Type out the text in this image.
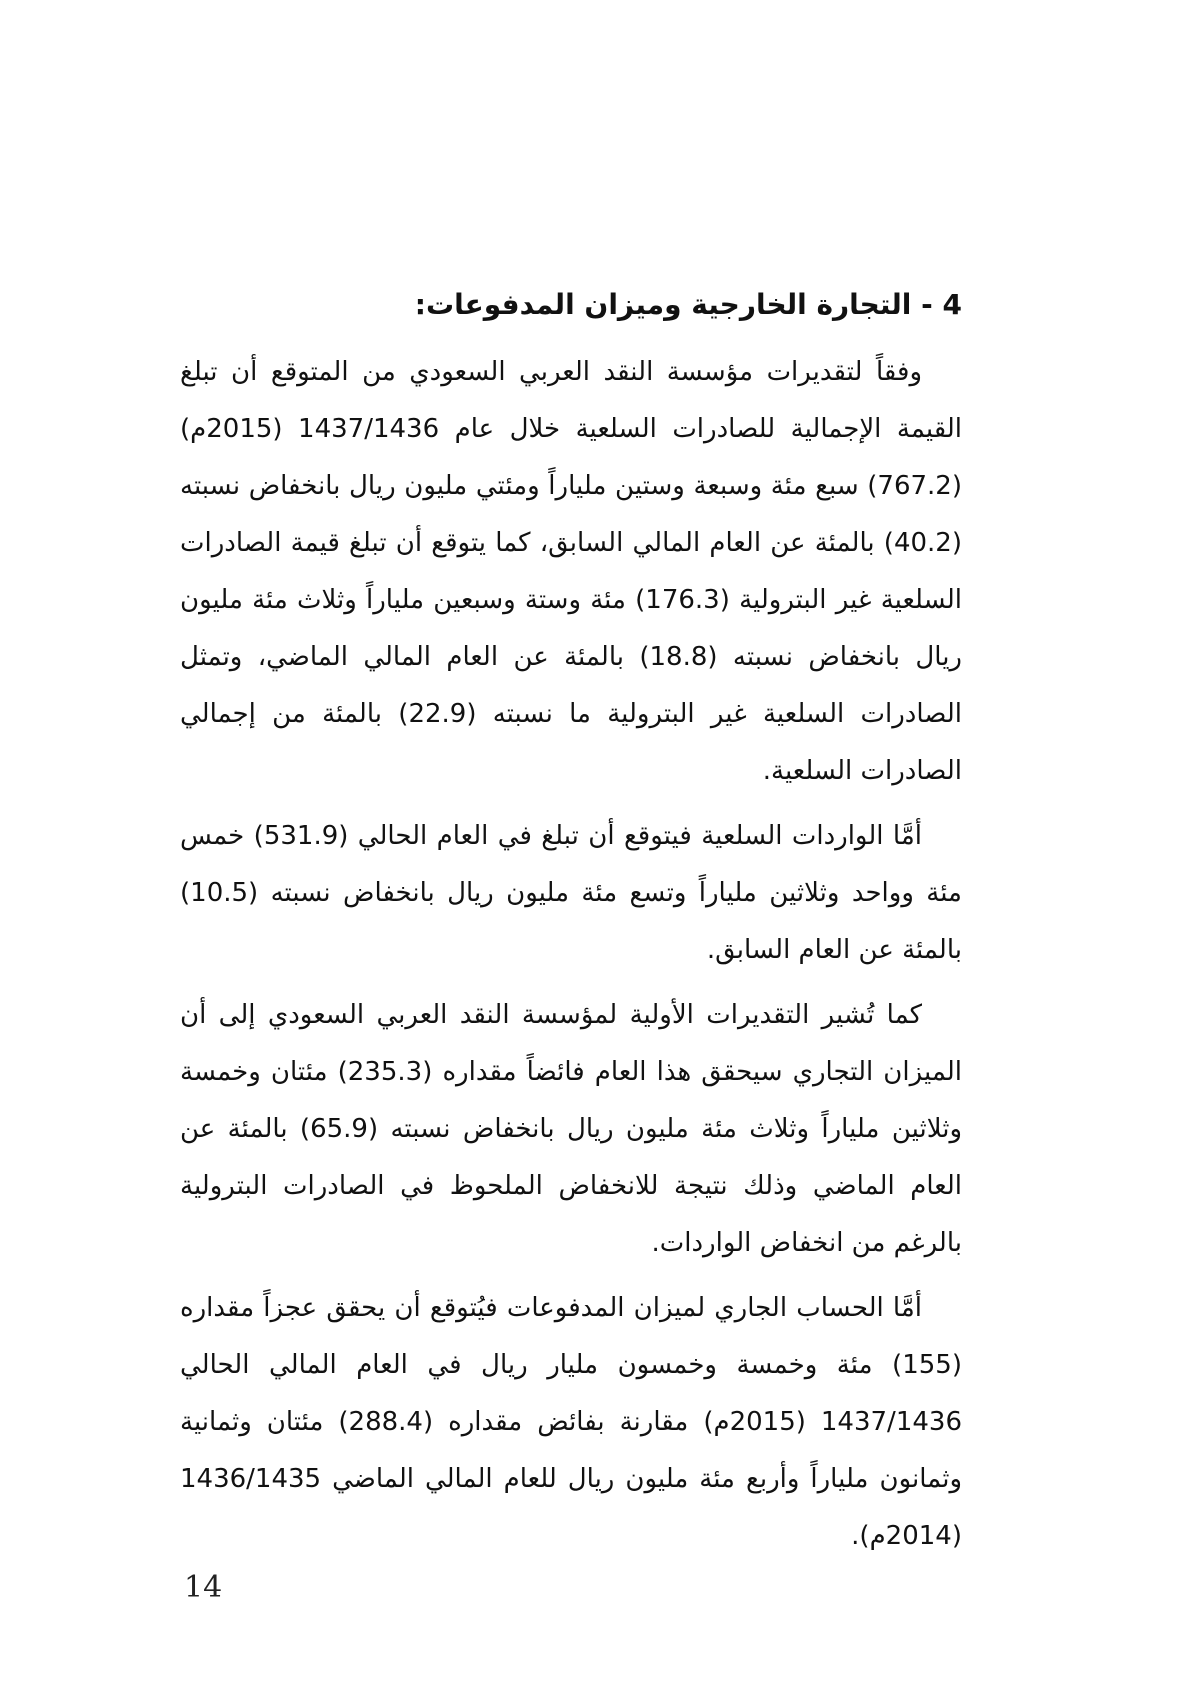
4 - التجارة الخارجية وميزان المدفوعات:

وفقاً لتقديرات مؤسسة النقد العربي السعودي من المتوقع أن تبلغ القيمة الإجمالية للصادرات السلعية خلال عام 1437/1436 (2015م) (767.2) سبع مئة وسبعة وستين ملياراً ومئتي مليون ريال بانخفاض نسبته (40.2) بالمئة عن العام المالي السابق، كما يتوقع أن تبلغ قيمة الصادرات السلعية غير البترولية (176.3) مئة وستة وسبعين ملياراً وثلاث مئة مليون ريال بانخفاض نسبته (18.8) بالمئة عن العام المالي الماضي، وتمثل الصادرات السلعية غير البترولية ما نسبته (22.9) بالمئة من إجمالي الصادرات السلعية.

أمَّا الواردات السلعية فيتوقع أن تبلغ في العام الحالي (531.9) خمس مئة وواحد وثلاثين ملياراً وتسع مئة مليون ريال بانخفاض نسبته (10.5) بالمئة عن العام السابق.

كما تُشير التقديرات الأولية لمؤسسة النقد العربي السعودي إلى أن الميزان التجاري سيحقق هذا العام فائضاً مقداره (235.3) مئتان وخمسة وثلاثين ملياراً وثلاث مئة مليون ريال بانخفاض نسبته (65.9) بالمئة عن العام الماضي وذلك نتيجة للانخفاض الملحوظ في الصادرات البترولية بالرغم من انخفاض الواردات.

أمَّا الحساب الجاري لميزان المدفوعات فيُتوقع أن يحقق عجزاً مقداره (155) مئة وخمسة وخمسون مليار ريال في العام المالي الحالي 1437/1436 (2015م) مقارنة بفائض مقداره (288.4) مئتان وثمانية وثمانون ملياراً وأربع مئة مليون ريال للعام المالي الماضي 1436/1435 (2014م).

14
